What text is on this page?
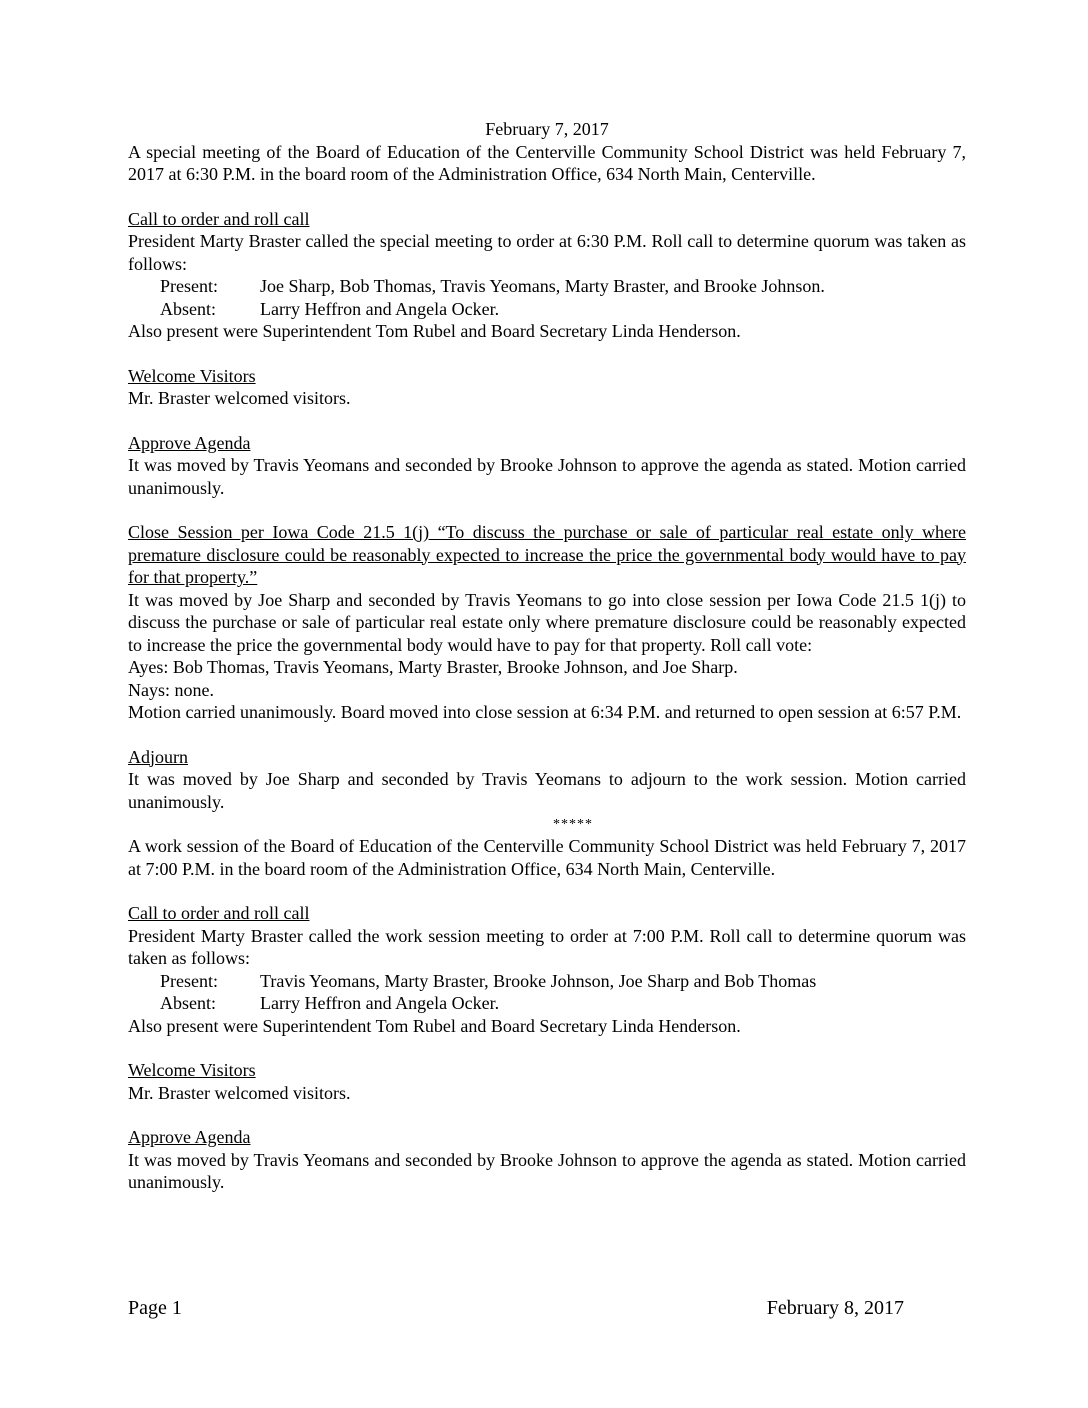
February 7, 2017

A special meeting of the Board of Education of the Centerville Community School District was held February 7, 2017 at 6:30 P.M. in the board room of the Administration Office, 634 North Main, Centerville.

Call to order and roll call

President Marty Braster called the special meeting to order at 6:30 P.M. Roll call to determine quorum was taken as follows:

Present: Joe Sharp, Bob Thomas, Travis Yeomans, Marty Braster, and Brooke Johnson.
Absent: Larry Heffron and Angela Ocker.

Also present were Superintendent Tom Rubel and Board Secretary Linda Henderson.

Welcome Visitors

Mr. Braster welcomed visitors.

Approve Agenda

It was moved by Travis Yeomans and seconded by Brooke Johnson to approve the agenda as stated. Motion carried unanimously.

Close Session per Iowa Code 21.5 1(j) “To discuss the purchase or sale of particular real estate only where premature disclosure could be reasonably expected to increase the price the governmental body would have to pay for that property.”

It was moved by Joe Sharp and seconded by Travis Yeomans to go into close session per Iowa Code 21.5 1(j) to discuss the purchase or sale of particular real estate only where premature disclosure could be reasonably expected to increase the price the governmental body would have to pay for that property. Roll call vote:

Ayes: Bob Thomas, Travis Yeomans, Marty Braster, Brooke Johnson, and Joe Sharp.

Nays: none.

Motion carried unanimously. Board moved into close session at 6:34 P.M. and returned to open session at 6:57 P.M.

Adjourn

It was moved by Joe Sharp and seconded by Travis Yeomans to adjourn to the work session. Motion carried unanimously.

*****

A work session of the Board of Education of the Centerville Community School District was held February 7, 2017 at 7:00 P.M. in the board room of the Administration Office, 634 North Main, Centerville.

Call to order and roll call

President Marty Braster called the work session meeting to order at 7:00 P.M. Roll call to determine quorum was taken as follows:

Present: Travis Yeomans, Marty Braster, Brooke Johnson, Joe Sharp and Bob Thomas
Absent: Larry Heffron and Angela Ocker.

Also present were Superintendent Tom Rubel and Board Secretary Linda Henderson.

Welcome Visitors

Mr. Braster welcomed visitors.

Approve Agenda

It was moved by Travis Yeomans and seconded by Brooke Johnson to approve the agenda as stated. Motion carried unanimously.

Page 1	February 8, 2017
